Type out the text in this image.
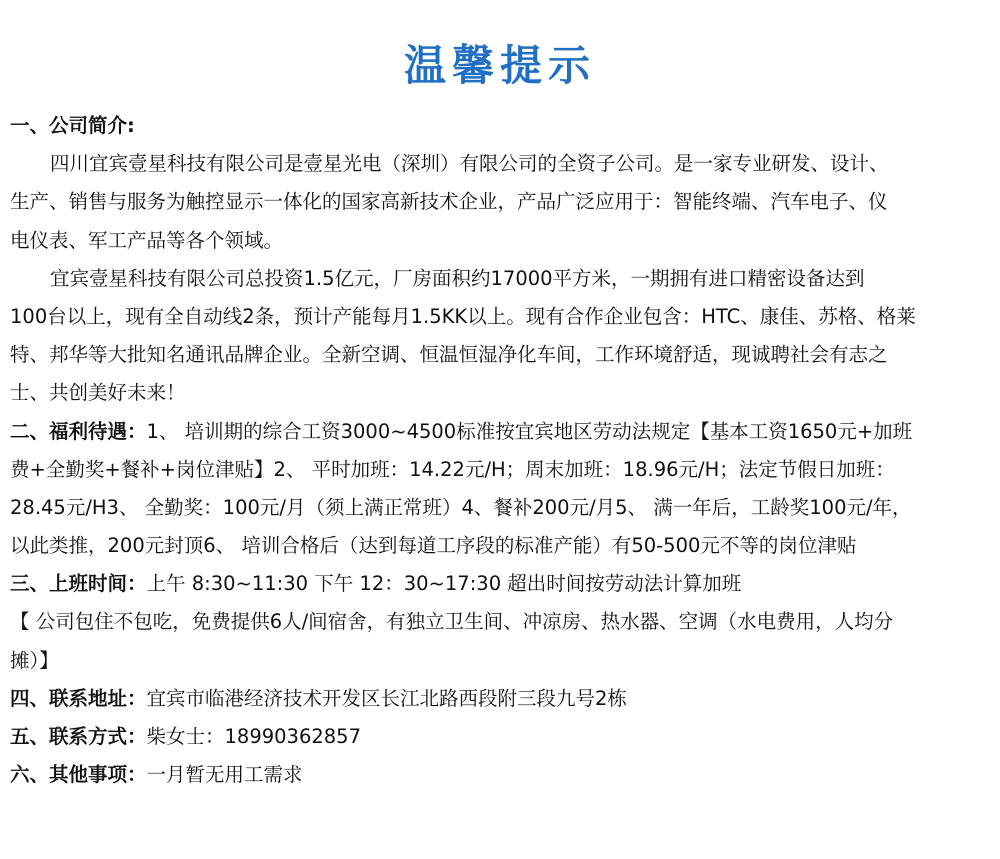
温馨提示
一、公司简介:
四川宜宾壹星科技有限公司是壹星光电（深圳）有限公司的全资子公司。是一家专业研发、设计、
生产、销售与服务为触控显示一体化的国家高新技术企业，产品广泛应用于：智能终端、汽车电子、仪
电仪表、军工产品等各个领域。
宜宾壹星科技有限公司总投资1.5亿元，厂房面积约17000平方米，一期拥有进口精密设备达到
100台以上，现有全自动线2条，预计产能每月1.5KK以上。现有合作企业包含：HTC、康佳、苏格、格莱
特、邦华等大批知名通讯品牌企业。全新空调、恒温恒湿净化车间，工作环境舒适，现诚聘社会有志之
士、共创美好未来！
二、福利待遇：1、 培训期的综合工资3000~4500标准按宜宾地区劳动法规定【基本工资1650元+加班
费+全勤奖+餐补+岗位津贴】2、 平时加班：14.22元/H；周末加班：18.96元/H；法定节假日加班：
28.45元/H3、 全勤奖：100元/月（须上满正常班）4、餐补200元/月5、 满一年后，工龄奖100元/年，
以此类推，200元封顶6、 培训合格后（达到每道工序段的标准产能）有50-500元不等的岗位津贴
三、上班时间：上午 8:30~11:30 下午 12：30~17:30 超出时间按劳动法计算加班
【 公司包住不包吃，免费提供6人/间宿舍，有独立卫生间、冲凉房、热水器、空调（水电费用，人均分
摊）】
四、联系地址：宜宾市临港经济技术开发区长江北路西段附三段九号2栋
五、联系方式：柴女士：18990362857
六、其他事项：一月暂无用工需求
